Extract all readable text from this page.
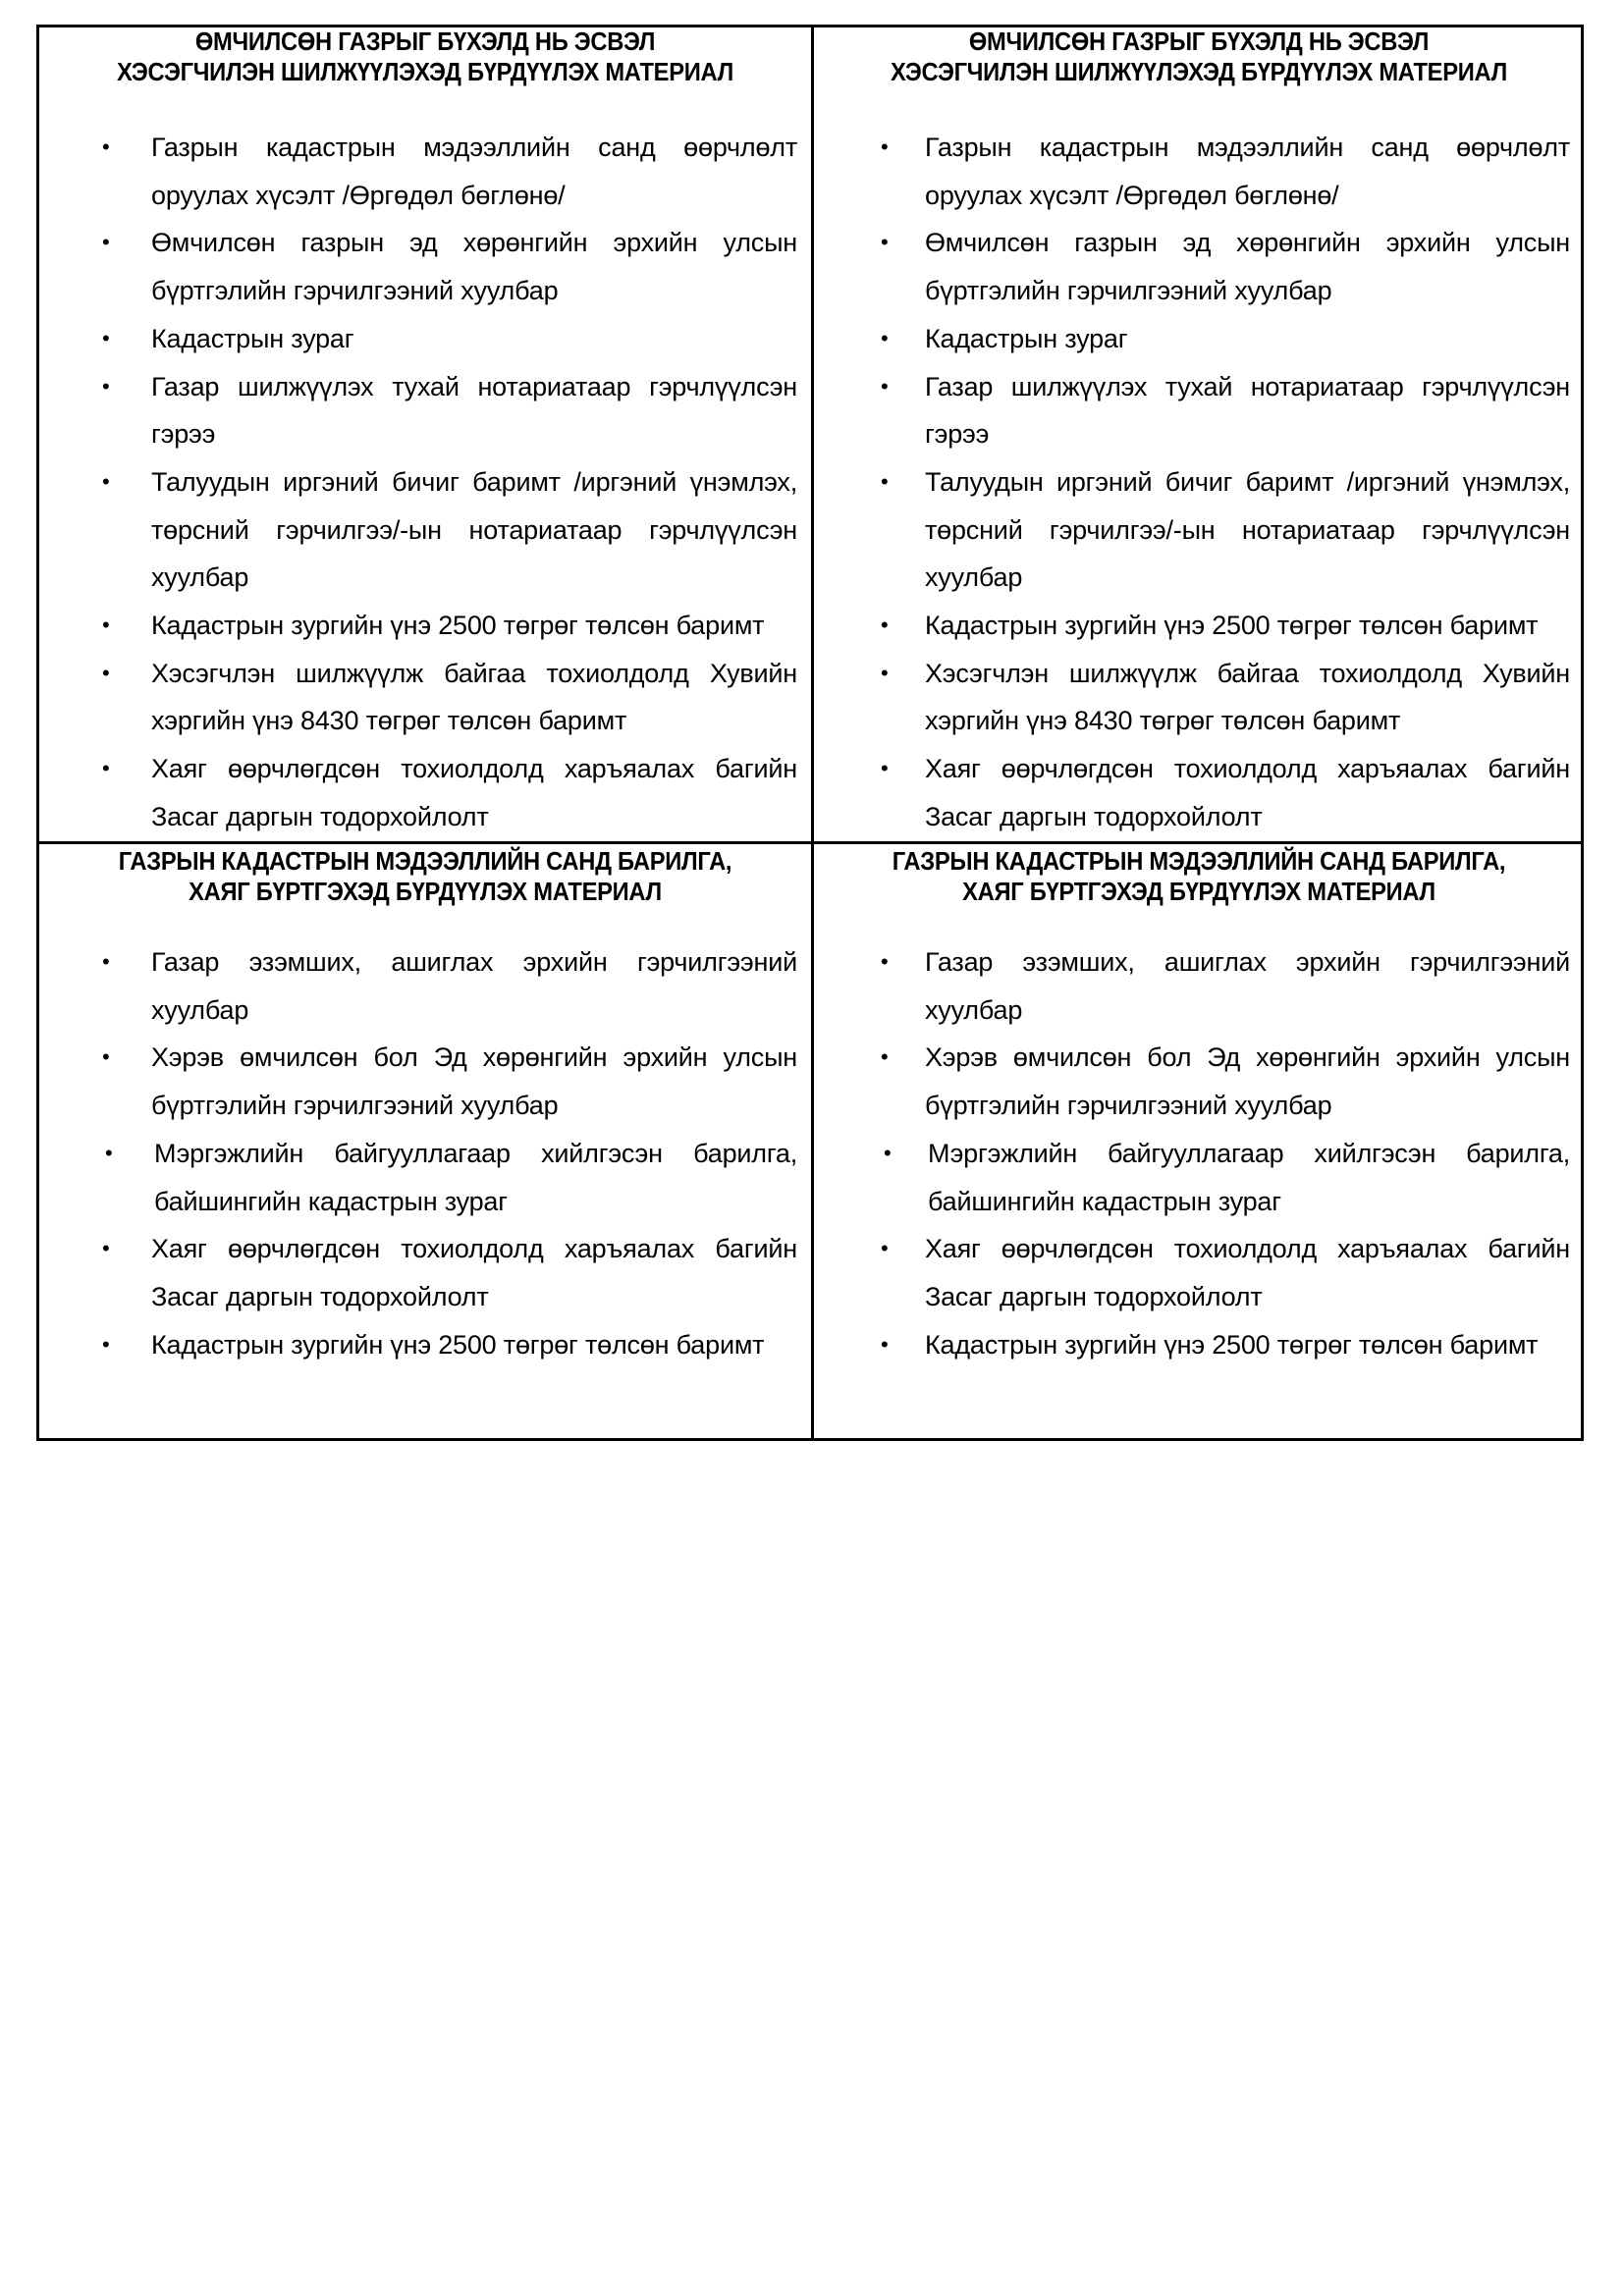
ӨМЧИЛСӨН ГАЗРЫГ БҮХЭЛД НЬ ЭСВЭЛ
ХЭСЭГЧИЛЭН ШИЛЖҮҮЛЭХЭД БҮРДҮҮЛЭХ МАТЕРИАЛ

• Газрын кадастрын мэдээллийн санд өөрчлөлт оруулах хүсэлт /Өргөдөл бөглөнө/
• Өмчилсөн газрын эд хөрөнгийн эрхийн улсын бүртгэлийн гэрчилгээний хуулбар
• Кадастрын зураг
• Газар шилжүүлэх тухай нотариатаар гэрчлүүлсэн гэрээ
• Талуудын иргэний бичиг баримт /иргэний үнэмлэх, төрсний гэрчилгээ/-ын нотариатаар гэрчлүүлсэн хуулбар
• Кадастрын зургийн үнэ 2500 төгрөг төлсөн баримт
• Хэсэгчлэн шилжүүлж байгаа тохиолдолд Хувийн хэргийн үнэ 8430 төгрөг төлсөн баримт
• Хаяг өөрчлөгдсөн тохиолдолд харъяалах багийн Засаг даргын тодорхойлолт

ӨМЧИЛСӨН ГАЗРЫГ БҮХЭЛД НЬ ЭСВЭЛ
ХЭСЭГЧИЛЭН ШИЛЖҮҮЛЭХЭД БҮРДҮҮЛЭХ МАТЕРИАЛ

• Газрын кадастрын мэдээллийн санд өөрчлөлт оруулах хүсэлт /Өргөдөл бөглөнө/
• Өмчилсөн газрын эд хөрөнгийн эрхийн улсын бүртгэлийн гэрчилгээний хуулбар
• Кадастрын зураг
• Газар шилжүүлэх тухай нотариатаар гэрчлүүлсэн гэрээ
• Талуудын иргэний бичиг баримт /иргэний үнэмлэх, төрсний гэрчилгээ/-ын нотариатаар гэрчлүүлсэн хуулбар
• Кадастрын зургийн үнэ 2500 төгрөг төлсөн баримт
• Хэсэгчлэн шилжүүлж байгаа тохиолдолд Хувийн хэргийн үнэ 8430 төгрөг төлсөн баримт
• Хаяг өөрчлөгдсөн тохиолдолд харъяалах багийн Засаг даргын тодорхойлолт

ГАЗРЫН КАДАСТРЫН МЭДЭЭЛЛИЙН САНД БАРИЛГА,
ХАЯГ БҮРТГЭХЭД БҮРДҮҮЛЭХ МАТЕРИАЛ

• Газар эзэмших, ашиглах эрхийн гэрчилгээний хуулбар
• Хэрэв өмчилсөн бол Эд хөрөнгийн эрхийн улсын бүртгэлийн гэрчилгээний хуулбар
• Мэргэжлийн байгууллагаар хийлгэсэн барилга, байшингийн кадастрын зураг
• Хаяг өөрчлөгдсөн тохиолдолд харъяалах багийн Засаг даргын тодорхойлолт
• Кадастрын зургийн үнэ 2500 төгрөг төлсөн баримт

ГАЗРЫН КАДАСТРЫН МЭДЭЭЛЛИЙН САНД БАРИЛГА,
ХАЯГ БҮРТГЭХЭД БҮРДҮҮЛЭХ МАТЕРИАЛ

• Газар эзэмших, ашиглах эрхийн гэрчилгээний хуулбар
• Хэрэв өмчилсөн бол Эд хөрөнгийн эрхийн улсын бүртгэлийн гэрчилгээний хуулбар
• Мэргэжлийн байгууллагаар хийлгэсэн барилга, байшингийн кадастрын зураг
• Хаяг өөрчлөгдсөн тохиолдолд харъяалах багийн Засаг даргын тодорхойлолт
• Кадастрын зургийн үнэ 2500 төгрөг төлсөн баримт
